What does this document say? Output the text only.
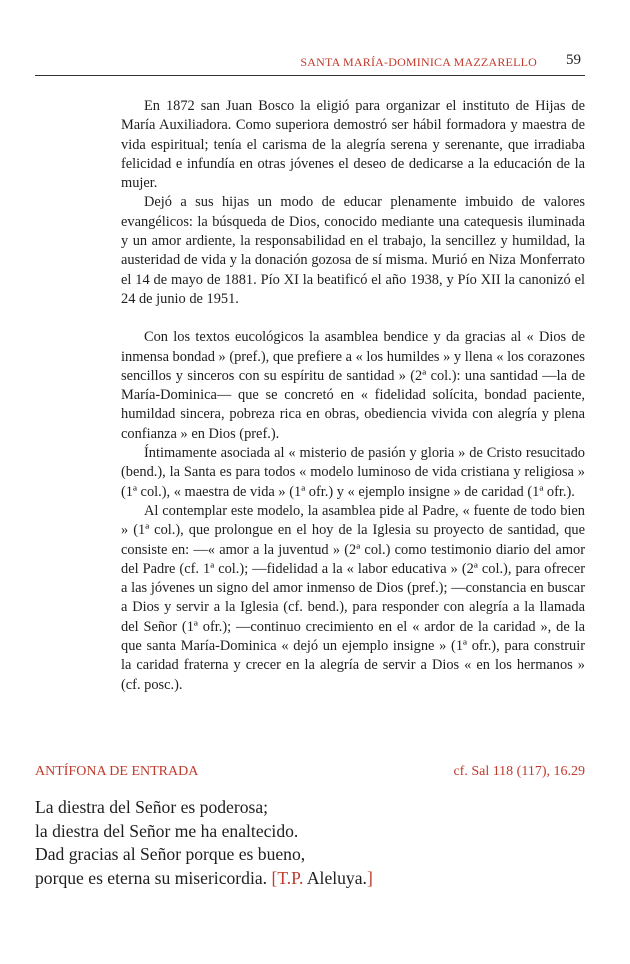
SANTA MARÍA-DOMINICA MAZZARELLO 59

En 1872 san Juan Bosco la eligió para organizar el instituto de Hijas de María Auxiliadora. Como superiora demostró ser hábil formadora y maestra de vida espiritual; tenía el carisma de la alegría serena y serenante, que irradiaba felicidad e infundía en otras jóvenes el deseo de dedicarse a la educación de la mujer.

Dejó a sus hijas un modo de educar plenamente imbuido de valores evangélicos: la búsqueda de Dios, conocido mediante una catequesis iluminada y un amor ardiente, la responsabilidad en el trabajo, la sencillez y humildad, la austeridad de vida y la donación gozosa de sí misma. Murió en Niza Monferrato el 14 de mayo de 1881. Pío XI la beatificó el año 1938, y Pío XII la canonizó el 24 de junio de 1951.

Con los textos eucológicos la asamblea bendice y da gracias al « Dios de inmensa bondad » (pref.), que prefiere a « los humildes » y llena « los corazones sencillos y sinceros con su espíritu de santidad » (2ª col.): una santidad —la de María-Dominica— que se concretó en « fidelidad solícita, bondad paciente, humildad sincera, pobreza rica en obras, obediencia vivida con alegría y plena confianza » en Dios (pref.).

Íntimamente asociada al « misterio de pasión y gloria » de Cristo resucitado (bend.), la Santa es para todos « modelo luminoso de vida cristiana y religiosa » (1ª col.), « maestra de vida » (1ª ofr.) y « ejemplo insigne » de caridad (1ª ofr.).

Al contemplar este modelo, la asamblea pide al Padre, « fuente de todo bien » (1ª col.), que prolongue en el hoy de la Iglesia su proyecto de santidad, que consiste en: —« amor a la juventud » (2ª col.) como testimonio diario del amor del Padre (cf. 1ª col.); —fidelidad a la « labor educativa » (2ª col.), para ofrecer a las jóvenes un signo del amor inmenso de Dios (pref.); —constancia en buscar a Dios y servir a la Iglesia (cf. bend.), para responder con alegría a la llamada del Señor (1ª ofr.); —continuo crecimiento en el « ardor de la caridad », de la que santa María-Dominica « dejó un ejemplo insigne » (1ª ofr.), para construir la caridad fraterna y crecer en la alegría de servir a Dios « en los hermanos » (cf. posc.).

ANTÍFONA DE ENTRADA	cf. Sal 118 (117), 16.29
La diestra del Señor es poderosa;
la diestra del Señor me ha enaltecido.
Dad gracias al Señor porque es bueno,
porque es eterna su misericordia. [T.P. Aleluya.]
